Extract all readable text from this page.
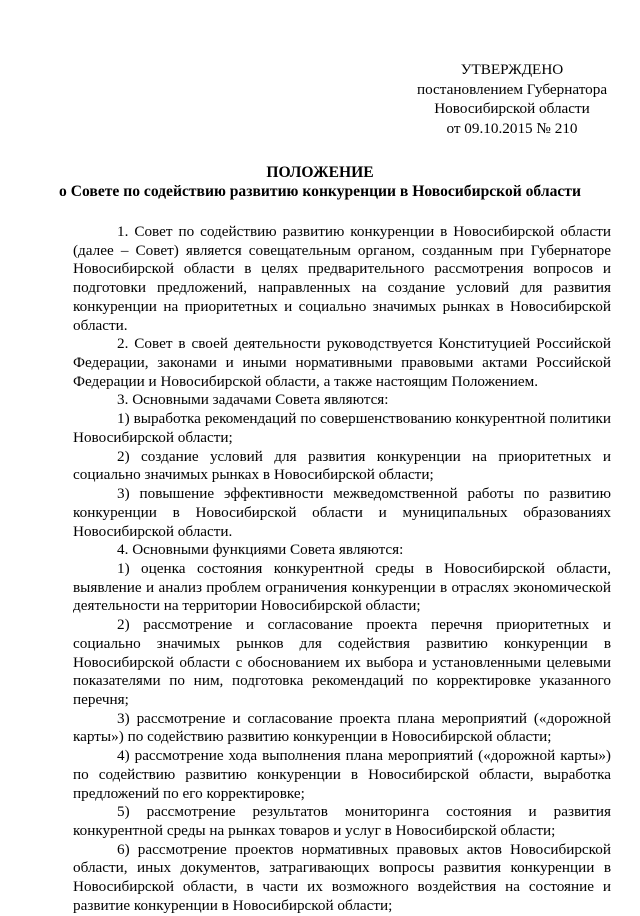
УТВЕРЖДЕНО
постановлением Губернатора
Новосибирской области
от 09.10.2015 № 210
ПОЛОЖЕНИЕ
о Совете по содействию развитию конкуренции в Новосибирской области

1. Совет по содействию развитию конкуренции в Новосибирской области (далее – Совет) является совещательным органом, созданным при Губернаторе Новосибирской области в целях предварительного рассмотрения вопросов и подготовки предложений, направленных на создание условий для развития конкуренции на приоритетных и социально значимых рынках в Новосибирской области.

2. Совет в своей деятельности руководствуется Конституцией Российской Федерации, законами и иными нормативными правовыми актами Российской Федерации и Новосибирской области, а также настоящим Положением.

3. Основными задачами Совета являются:

1) выработка рекомендаций по совершенствованию конкурентной политики Новосибирской области;

2) создание условий для развития конкуренции на приоритетных и социально значимых рынках в Новосибирской области;

3) повышение эффективности межведомственной работы по развитию конкуренции в Новосибирской области и муниципальных образованиях Новосибирской области.

4. Основными функциями Совета являются:

1) оценка состояния конкурентной среды в Новосибирской области, выявление и анализ проблем ограничения конкуренции в отраслях экономической деятельности на территории Новосибирской области;

2) рассмотрение и согласование проекта перечня приоритетных и социально значимых рынков для содействия развитию конкуренции в Новосибирской области с обоснованием их выбора и установленными целевыми показателями по ним, подготовка рекомендаций по корректировке указанного перечня;

3) рассмотрение и согласование проекта плана мероприятий («дорожной карты») по содействию развитию конкуренции в Новосибирской области;

4) рассмотрение хода выполнения плана мероприятий («дорожной карты») по содействию развитию конкуренции в Новосибирской области, выработка предложений по его корректировке;

5) рассмотрение результатов мониторинга состояния и развития конкурентной среды на рынках товаров и услуг в Новосибирской области;

6) рассмотрение проектов нормативных правовых актов Новосибирской области, иных документов, затрагивающих вопросы развития конкуренции в Новосибирской области, в части их возможного воздействия на состояние и развитие конкуренции в Новосибирской области;
